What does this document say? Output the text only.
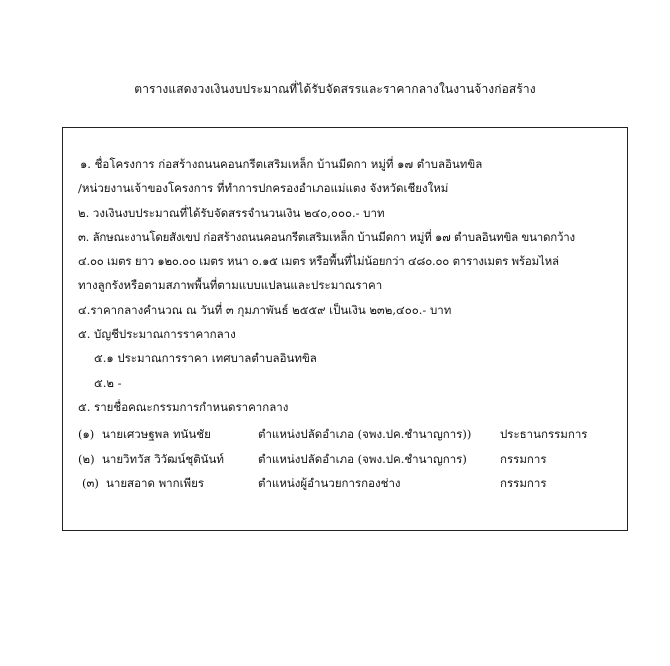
ตารางแสดงวงเงินงบประมาณที่ได้รับจัดสรรและราคากลางในงานจ้างก่อสร้าง
๑. ชื่อโครงการ ก่อสร้างถนนคอนกรีตเสริมเหล็ก บ้านมีดกา หมู่ที่ ๑๗ ตำบลอินทขิล
/หน่วยงานเจ้าของโครงการ ที่ทำการปกครองอำเภอแม่แตง จังหวัดเชียงใหม่
๒. วงเงินงบประมาณที่ได้รับจัดสรรจำนวนเงิน ๒๔๐,๐๐๐.- บาท
๓. ลักษณะงานโดยสังเขป ก่อสร้างถนนคอนกรีตเสริมเหล็ก บ้านมีดกา หมู่ที่ ๑๗ ตำบลอินทขิล ขนาดกว้าง
๔.๐๐ เมตร ยาว ๑๒๐.๐๐ เมตร หนา ๐.๑๕ เมตร หรือพื้นที่ไม่น้อยกว่า ๔๘๐.๐๐ ตารางเมตร พร้อมไหล่
ทางลูกรังหรือตามสภาพพื้นที่ตามแบบแปลนและประมาณราคา
๔.ราคากลางคำนวณ ณ วันที่ ๓ กุมภาพันธ์ ๒๕๕๙ เป็นเงิน ๒๓๒,๔๐๐.- บาท
๕. บัญชีประมาณการราคากลาง
๕.๑ ประมาณการราคา เทศบาลตำบลอินทขิล
๕.๒ -
๕. รายชื่อคณะกรรมการกำหนดราคากลาง
(๑) นายเศวษฐพล ทนันชัย	ตำแหน่งปลัดอำเภอ (จพง.ปค.ชำนาญการ)) ประธานกรรมการ
(๒) นายวิทวัส วิวัฒน์ชุตินันท์	ตำแหน่งปลัดอำเภอ (จพง.ปค.ชำนาญการ)	กรรมการ
(๓) นายสอาด พากเพียร	ตำแหน่งผู้อำนวยการกองช่าง	กรรมการ
